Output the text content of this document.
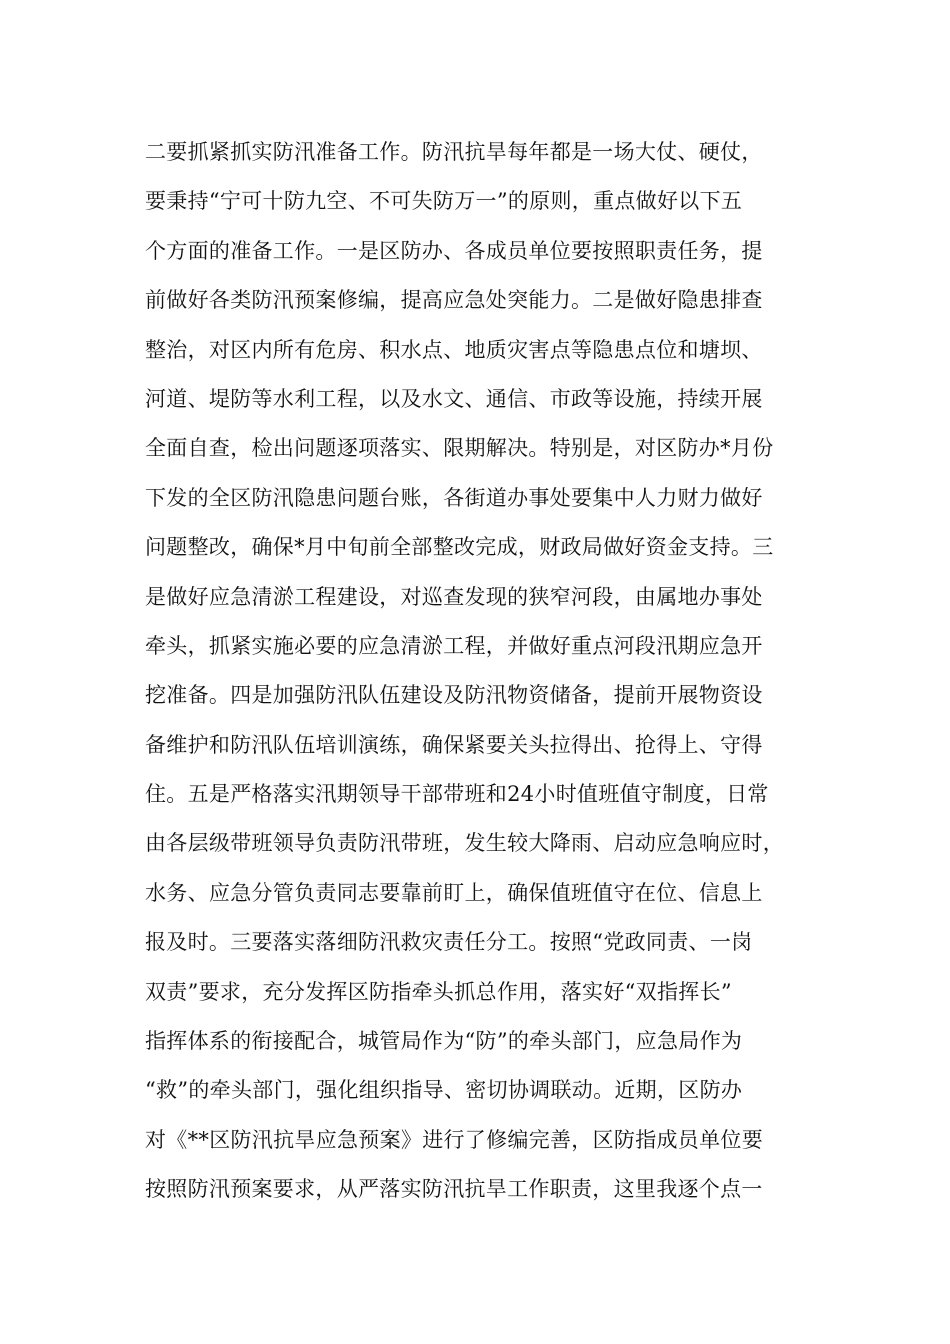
二要抓紧抓实防汛准备工作。防汛抗旱每年都是一场大仗、硬仗，
要秉持“宁可十防九空、不可失防万一”的原则，重点做好以下五
个方面的准备工作。一是区防办、各成员单位要按照职责任务，提
前做好各类防汛预案修编，提高应急处突能力。二是做好隐患排查
整治，对区内所有危房、积水点、地质灾害点等隐患点位和塘坝、
河道、堤防等水利工程，以及水文、通信、市政等设施，持续开展
全面自查，检出问题逐项落实、限期解决。特别是，对区防办*月份
下发的全区防汛隐患问题台账，各街道办事处要集中人力财力做好
问题整改，确保*月中旬前全部整改完成，财政局做好资金支持。三
是做好应急清淤工程建设，对巡查发现的狭窄河段，由属地办事处
牵头，抓紧实施必要的应急清淤工程，并做好重点河段汛期应急开
挖准备。四是加强防汛队伍建设及防汛物资储备，提前开展物资设
备维护和防汛队伍培训演练，确保紧要关头拉得出、抢得上、守得
住。五是严格落实汛期领导干部带班和24小时值班值守制度，日常
由各层级带班领导负责防汛带班，发生较大降雨、启动应急响应时，
水务、应急分管负责同志要靠前盯上，确保值班值守在位、信息上
报及时。三要落实落细防汛救灾责任分工。按照“党政同责、一岗
双责”要求，充分发挥区防指牵头抓总作用，落实好“双指挥长”
指挥体系的衔接配合，城管局作为“防”的牵头部门，应急局作为
“救”的牵头部门，强化组织指导、密切协调联动。近期，区防办
对《**区防汛抗旱应急预案》进行了修编完善，区防指成员单位要
按照防汛预案要求，从严落实防汛抗旱工作职责，这里我逐个点一
